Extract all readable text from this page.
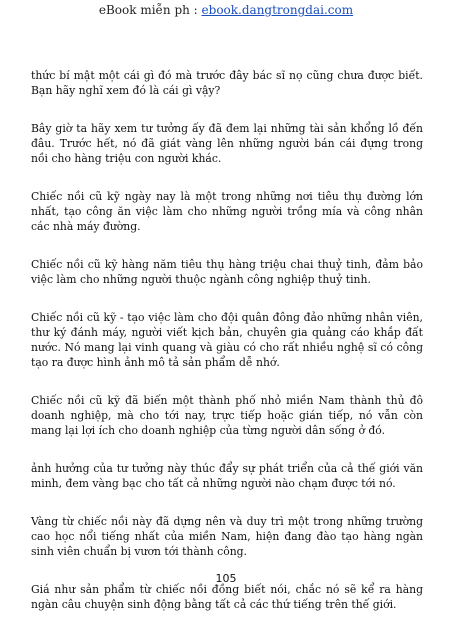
eBook miễn ph : ebook.dangtrongdai.com

thức bí mật một cái gì đó mà trước đây bác sĩ nọ cũng chưa được biết. Bạn hãy nghĩ xem đó là cái gì vậy?

Bây giờ ta hãy xem tư tưởng ấy đã đem lại những tài sản khổng lồ đến đâu. Trước hết, nó đã giát vàng lên những người bán cái đựng trong nồi cho hàng triệu con người khác.

Chiếc nồi cũ kỹ ngày nay là một trong những nơi tiêu thụ đường lớn nhất, tạo công ăn việc làm cho những người trồng mía và công nhân các nhà máy đường.

Chiếc nồi cũ kỹ hàng năm tiêu thụ hàng triệu chai thuỷ tinh, đảm bảo việc làm cho những người thuộc ngành công nghiệp thuỷ tinh.

Chiếc nồi cũ kỹ - tạo việc làm cho đội quân đông đảo những nhân viên, thư ký đánh máy, người viết kịch bản, chuyên gia quảng cáo khắp đất nước. Nó mang lại vinh quang và giàu có cho rất nhiều nghệ sĩ có công tạo ra được hình ảnh mô tả sản phẩm dễ nhớ.

Chiếc nồi cũ kỹ đã biến một thành phố nhỏ miền Nam thành thủ đô doanh nghiệp, mà cho tới nay, trực tiếp hoặc gián tiếp, nó vẫn còn mang lại lợi ích cho doanh nghiệp của từng người dân sống ở đó.

ảnh hưởng của tư tưởng này thúc đẩy sự phát triển của cả thế giới văn minh, đem vàng bạc cho tất cả những người nào chạm được tới nó.

Vàng từ chiếc nồi này đã dựng nên và duy trì một trong những trường cao học nổi tiếng nhất của miền Nam, hiện đang đào tạo hàng ngàn sinh viên chuẩn bị vươn tới thành công.

Giá như sản phẩm từ chiếc nồi đồng biết nói, chắc nó sẽ kể ra hàng ngàn câu chuyện sinh động bằng tất cả các thứ tiếng trên thế giới.

105
